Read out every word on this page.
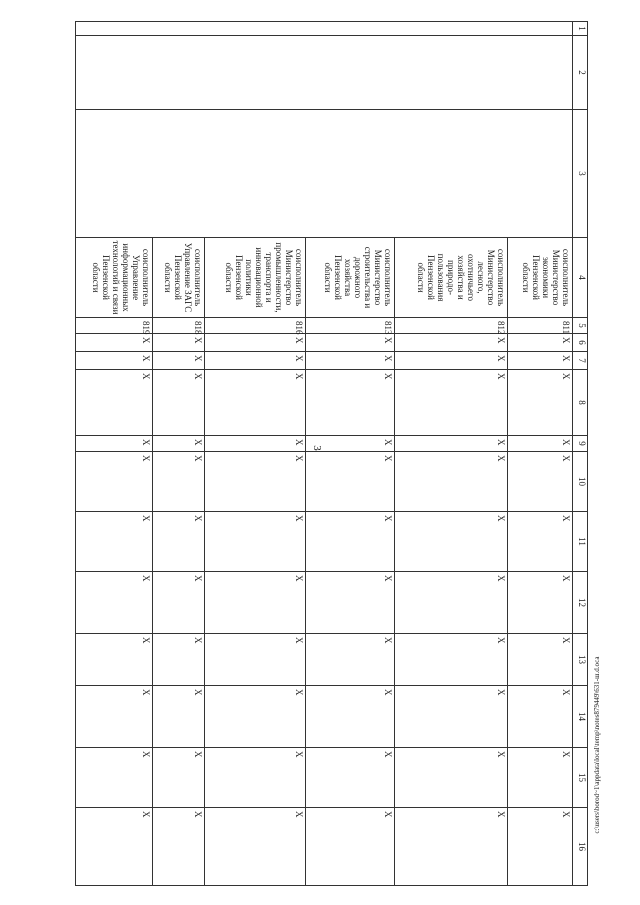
3
1	2	3	4	5	6	7	8	9	10	11	12	13	14	15	16
			соисполнитель Министерство экономики Пензенской области	811	X	X	X	X	X	X	X	X	X	X	X
			соисполнитель Министерство лесного, охотничьего хозяйства и природо-пользования Пензенской области	812	X	X	X	X	X	X	X	X	X	X	X
			соисполнитель Министерство строительства и дорожного хозяйства Пензенской области	813	X	X	X	X	X	X	X	X	X	X	X
			соисполнитель Министерство промышленности, транспорта и инновационной политики Пензенской области	816	X	X	X	X	X	X	X	X	X	X	X
			соисполнитель Управление ЗАГС Пензенской области	818	X	X	X	X	X	X	X	X	X	X	X
			соисполнитель Управление информационных технологий и связи Пензенской области	819	X	X	X	X	X	X	X	X	X	X	X	c:\users\borod~1\appdata\local\temp\notes879449\631-ш.d.оса
